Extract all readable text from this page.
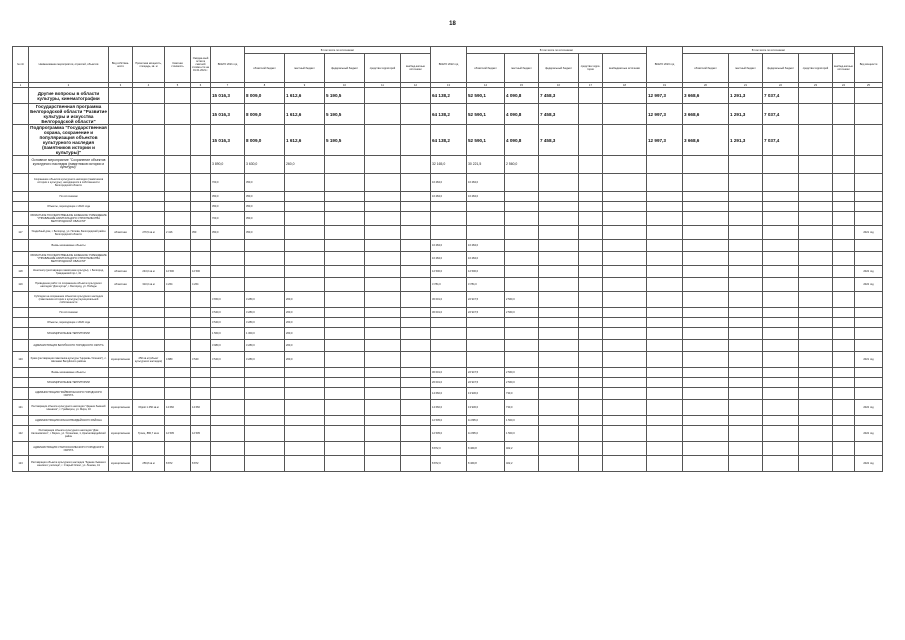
18
№ п/п	Наименование мероприятия, отраслей, объектов	Вид собствен-ности	Проектная мощность, площадь, кв. м	Сметная стоимость	Ожидае-мый остаток сметной стоимо-сти на 01.01.2021 г.	ВСЕГО 2021 год	В том числе по источникам:					ВСЕГО 2022 год	В том числе по источникам:					ВСЕГО 2023 год	В том числе по источникам:					Вид мощности
							областной бюджет	местный бюджет	федеральный бюджет	средства территорий	внебюд-жетные источники		областной бюджет	местный бюджет	федеральный бюджет	средства терри-тории	внебюджетные источники		областной бюджет	местный бюджет	федеральный бюджет	средства территорий	внебюд-жетные источники	
1	2	3	4	5	6	7	8	9	10	11	12	13	14	15	16	17	18	19	20	21	22	23	24	25
	Другие вопросы в области культуры, кинематографии					15 016,3	8 009,0	1 612,6	5 190,5			64 138,2	52 590,1	4 090,8	7 458,3			12 997,3	3 668,6	1 291,3	7 037,4			
	Государственная программа Белгородской области "Развитие культуры и искусства Белгородской области"					15 016,3	8 009,0	1 612,6	5 190,5			64 138,2	52 590,1	4 090,8	7 458,3			12 997,3	3 668,6	1 291,3	7 037,4			
	Подпрограмма "Государственная охрана, сохранение и популяризация объектов культурного наследия (памятников истории и культуры)"					15 016,3	8 009,0	1 612,6	5 190,5			64 138,2	52 590,1	4 090,8	7 458,3			12 997,3	3 668,6	1 291,3	7 037,4			
	Основное мероприятие "Сохранение объектов культурного наследия (памятников истории и культуры)"					3 890,0	3 630,0	260,0				32 165,0	30 221,5	2 560,0										
	Сохранение объектов культурного наследия (памятников истории и культуры), находящихся в собственности Белгородской области					700,0	350,0					16 284,0	16 284,0											
	По источникам					350,0	350,0					16 284,0	16 284,0											
	Объекты, переходящие с 2022 года					350,0	350,0																	
	ОБЛАСТНОЕ ГОСУДАРСТВЕННОЕ КАЗЕННОЕ УЧРЕЖДЕНИЕ "УПРАВЛЕНИЕ КАПИТАЛЬНОГО СТРОИТЕЛЬСТВА БЕЛГОРОДСКОЙ ОБЛАСТИ"					700,0	350,0																	
117	Усадебный дом, г. Белгород, ул. Попова, Белгородский район Белгородской области	областная	276,5 кв.м	2 416	350	350,0	350,0																	2021 год
	Вновь начинаемые объекты											16 284,0	16 284,0											
	ОБЛАСТНОЕ ГОСУДАРСТВЕННОЕ КАЗЕННОЕ УЧРЕЖДЕНИЕ "УПРАВЛЕНИЕ КАПИТАЛЬНОГО СТРОИТЕЛЬСТВА БЕЛГОРОДСКОЙ ОБЛАСТИ"											16 284,0	16 284,0											
118	Кинотеатр (реставрация памятника культуры), г. Белгород, Гражданский пр-т, 41	областная	243,0 кв.м	12 500	12 500							12 500,0	12 500,0											2022 год
119	Проведение работ по сохранению объекта культурного наследия "Дом купца", г. Белгород, ул. Победы	областная	310,0 кв.м	4 264	4 264							3 784,0	3 784,0											2022 год
	Субсидии на сохранение объектов культурного наследия (памятников истории и культуры) муниципальной собственности					3 650,0	3 280,0	260,0				36 001,0	22 947,5	2 560,0										
	По источникам					3 540,0	3 280,0	260,0				36 001,0	22 947,5	2 560,0										
	Объекты, переходящие с 2020 года					3 540,0	3 280,0	260,0																
	МУНИЦИПАЛЬНЫЕ ТЕРРИТОРИИ					1 560,0	1 300,0	260,0																
	АДМИНИСТРАЦИЯ ВАЛУЙСКОГО ГОРОДСКОГО ОКРУГА					3 980,0	3 280,0	260,0																
120	Храм (реставрация памятника культуры "Церковь Успения"), с. Шелаево Валуйского района	муниципальная	250 кв.м (объект культурного наследия)	4 880	3 540	3 540,0	3 280,0	260,0																2021 год
	Вновь начинаемые объекты											36 001,0	22 947,5	2 560,0										
	МУНИЦИПАЛЬНЫЕ ТЕРРИТОРИИ											26 001,0	22 947,5	2 560,0										
	АДМИНИСТРАЦИЯ ГРАЙВОРОНСКОГО ГОРОДСКОГО ОКРУГА											14 660,0	13 930,0	730,0										
121	Реставрация объекта культурного наследия "Здание бывшей гимназии", г. Грайворон, ул. Мира, 16	муниципальная	Objekt 1 450 кв.м	14 660	14 660							14 660,0	13 930,0	730,0										2022 год
	АДМИНИСТРАЦИЯ КРАСНОГВАРДЕЙСКОГО РАЙОНА											12 505,0	11 895,0	1 500,0										
122	Реставрация объекта культурного наследия "Дом Калиновского", г. Бирюч, ул. Успенская, 1, Красногвардейский район	муниципальная	Троиц. 880,7 кв.м	12 505	12 505							12 505,0	11 895,0	1 500,0										2022 год
	АДМИНИСТРАЦИЯ СТАРООСКОЛЬСКОГО ГОРОДСКОГО ОКРУГА											8 872,0	8 469,8	402,2										
123	Реставрация объекта культурного наследия "Здание бывшего женского училища", г. Старый Оскол, ул. Ленина, 41	муниципальная	256,8 кв.м	8 872	8 872							8 872,0	8 469,8	402,2										2022 год
